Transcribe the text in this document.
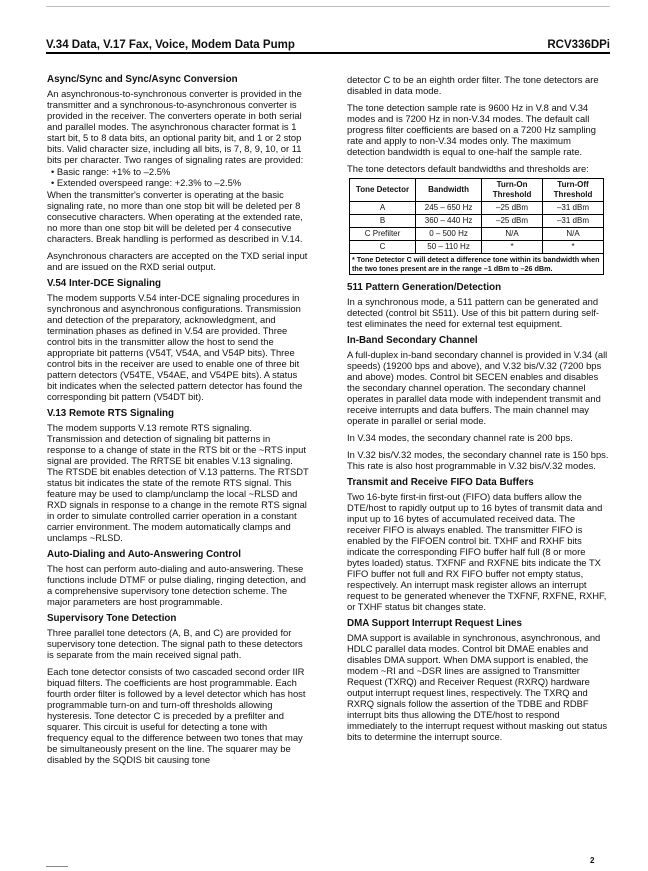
V.34 Data, V.17 Fax, Voice, Modem Data Pump	RCV336DPi
Async/Sync and Sync/Async Conversion

An asynchronous-to-synchronous converter is provided in the transmitter and a synchronous-to-asynchronous converter is provided in the receiver. The converters operate in both serial and parallel modes. The asynchronous character format is 1 start bit, 5 to 8 data bits, an optional parity bit, and 1 or 2 stop bits. Valid character size, including all bits, is 7, 8, 9, 10, or 11 bits per character. Two ranges of signaling rates are provided:

• Basic range: +1% to –2.5%
• Extended overspeed range: +2.3% to –2.5%

When the transmitter's converter is operating at the basic signaling rate, no more than one stop bit will be deleted per 8 consecutive characters. When operating at the extended rate, no more than one stop bit will be deleted per 4 consecutive characters. Break handling is performed as described in V.14.

Asynchronous characters are accepted on the TXD serial input and are issued on the RXD serial output.

V.54 Inter-DCE Signaling

The modem supports V.54 inter-DCE signaling procedures in synchronous and asynchronous configurations. Transmission and detection of the preparatory, acknowledgment, and termination phases as defined in V.54 are provided. Three control bits in the transmitter allow the host to send the appropriate bit patterns (V54T, V54A, and V54P bits). Three control bits in the receiver are used to enable one of three bit pattern detectors (V54TE, V54AE, and V54PE bits). A status bit indicates when the selected pattern detector has found the corresponding bit pattern (V54DT bit).

V.13 Remote RTS Signaling

The modem supports V.13 remote RTS signaling. Transmission and detection of signaling bit patterns in response to a change of state in the RTS bit or the ~RTS input signal are provided. The RRTSE bit enables V.13 signaling. The RTSDE bit enables detection of V.13 patterns. The RTSDT status bit indicates the state of the remote RTS signal. This feature may be used to clamp/unclamp the local ~RLSD and RXD signals in response to a change in the remote RTS signal in order to simulate controlled carrier operation in a constant carrier environment. The modem automatically clamps and unclamps ~RLSD.

Auto-Dialing and Auto-Answering Control

The host can perform auto-dialing and auto-answering. These functions include DTMF or pulse dialing, ringing detection, and a comprehensive supervisory tone detection scheme. The major parameters are host programmable.

Supervisory Tone Detection

Three parallel tone detectors (A, B, and C) are provided for supervisory tone detection. The signal path to these detectors is separate from the main received signal path.

Each tone detector consists of two cascaded second order IIR biquad filters. The coefficients are host programmable. Each fourth order filter is followed by a level detector which has host programmable turn-on and turn-off thresholds allowing hysteresis. Tone detector C is preceded by a prefilter and squarer. This circuit is useful for detecting a tone with frequency equal to the difference between two tones that may be simultaneously present on the line. The squarer may be disabled by the SQDIS bit causing tone

detector C to be an eighth order filter. The tone detectors are disabled in data mode.

The tone detection sample rate is 9600 Hz in V.8 and V.34 modes and is 7200 Hz in non-V.34 modes. The default call progress filter coefficients are based on a 7200 Hz sampling rate and apply to non-V.34 modes only. The maximum detection bandwidth is equal to one-half the sample rate.

The tone detectors default bandwidths and thresholds are:

Tone Detector	Bandwidth	Turn-On Threshold	Turn-Off Threshold
A	245 – 650 Hz	–25 dBm	–31 dBm
B	360 – 440 Hz	–25 dBm	–31 dBm
C Prefilter	0 – 500 Hz	N/A	N/A
C	50 – 110 Hz	*	*
* Tone Detector C will detect a difference tone within its bandwidth when the two tones present are in the range –1 dBm to –26 dBm.			
511 Pattern Generation/Detection

In a synchronous mode, a 511 pattern can be generated and detected (control bit S511). Use of this bit pattern during self-test eliminates the need for external test equipment.

In-Band Secondary Channel

A full-duplex in-band secondary channel is provided in V.34 (all speeds) (19200 bps and above), and V.32 bis/V.32 (7200 bps and above) modes. Control bit SECEN enables and disables the secondary channel operation. The secondary channel operates in parallel data mode with independent transmit and receive interrupts and data buffers. The main channel may operate in parallel or serial mode.

In V.34 modes, the secondary channel rate is 200 bps.

In V.32 bis/V.32 modes, the secondary channel rate is 150 bps. This rate is also host programmable in V.32 bis/V.32 modes.

Transmit and Receive FIFO Data Buffers

Two 16-byte first-in first-out (FIFO) data buffers allow the DTE/host to rapidly output up to 16 bytes of transmit data and input up to 16 bytes of accumulated received data. The receiver FIFO is always enabled. The transmitter FIFO is enabled by the FIFOEN control bit. TXHF and RXHF bits indicate the corresponding FIFO buffer half full (8 or more bytes loaded) status. TXFNF and RXFNE bits indicate the TX FIFO buffer not full and RX FIFO buffer not empty status, respectively. An interrupt mask register allows an interrupt request to be generated whenever the TXFNF, RXFNE, RXHF, or TXHF status bit changes state.

DMA Support Interrupt Request Lines

DMA support is available in synchronous, asynchronous, and HDLC parallel data modes. Control bit DMAE enables and disables DMA support. When DMA support is enabled, the modem ~RI and ~DSR lines are assigned to Transmitter Request (TXRQ) and Receiver Request (RXRQ) hardware output interrupt request lines, respectively. The TXRQ and RXRQ signals follow the assertion of the TDBE and RDBF interrupt bits thus allowing the DTE/host to respond immediately to the interrupt request without masking out status bits to determine the interrupt source.

2
